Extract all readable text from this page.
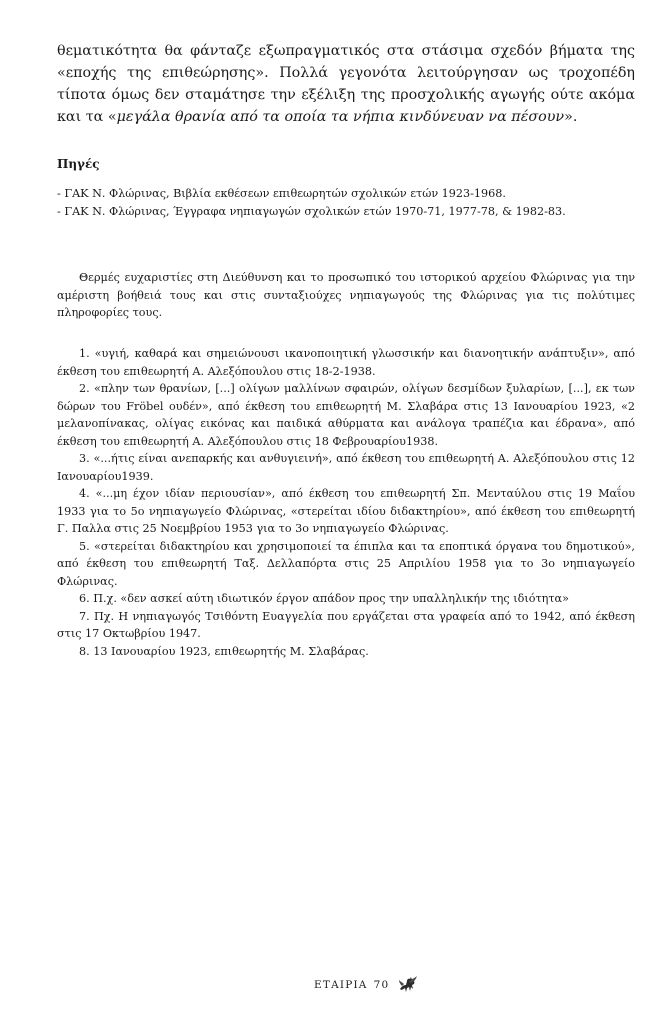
θεματικότητα θα φάνταζε εξωπραγματικός στα στάσιμα σχεδόν βήματα της «εποχής της επιθεώρησης». Πολλά γεγονότα λειτούργησαν ως τροχοπέδη τίποτα όμως δεν σταμάτησε την εξέλιξη της προσχολικής αγωγής ούτε ακόμα και τα «μεγάλα θρανία από τα οποία τα νήπια κινδύνευαν να πέσουν».

Πηγές
- ΓΑΚ Ν. Φλώρινας, Βιβλία εκθέσεων επιθεωρητών σχολικών ετών 1923-1968.
- ΓΑΚ Ν. Φλώρινας, Έγγραφα νηπιαγωγών σχολικών ετών 1970-71, 1977-78, & 1982-83.

Θερμές ευχαριστίες στη Διεύθυνση και το προσωπικό του ιστορικού αρχείου Φλώρινας για την αμέριστη βοήθειά τους και στις συνταξιούχες νηπιαγωγούς της Φλώρινας για τις πολύτιμες πληροφορίες τους.

1. «υγιή, καθαρά και σημειώνουσι ικανοποιητική γλωσσικήν και διανοητικήν ανάπτυξιν», από έκθεση του επιθεωρητή Α. Αλεξόπουλου στις 18-2-1938.

2. «πλην των θρανίων, [...] ολίγων μαλλίνων σφαιρών, ολίγων δεσμίδων ξυλαρίων, [...], εκ των δώρων του Fröbel ουδέν», από έκθεση του επιθεωρητή Μ. Σλαβάρα στις 13 Ιανουαρίου 1923, «2 μελανοπίνακας, ολίγας εικόνας και παιδικά αθύρματα και ανάλογα τραπέζια και έδρανα», από έκθεση του επιθεωρητή Α. Αλεξόπουλου στις 18 Φεβρουαρίου1938.

3. «...ήτις είναι ανεπαρκής και ανθυγιεινή», από έκθεση του επιθεωρητή Α. Αλεξόπουλου στις 12 Ιανουαρίου1939.

4. «...μη έχον ιδίαν περιουσίαν», από έκθεση του επιθεωρητή Σπ. Μενταύλου στις 19 Μαΐου 1933 για το 5ο νηπιαγωγείο Φλώρινας, «στερείται ιδίου διδακτηρίου», από έκθεση του επιθεωρητή Γ. Παλλα στις 25 Νοεμβρίου 1953 για το 3ο νηπιαγωγείο Φλώρινας.

5. «στερείται διδακτηρίου και χρησιμοποιεί τα έπιπλα και τα εποπτικά όργανα του δημοτικού», από έκθεση του επιθεωρητή Ταξ. Δελλαπόρτα στις 25 Απριλίου 1958 για το 3ο νηπιαγωγείο Φλώρινας.

6. Π.χ. «δεν ασκεί αύτη ιδιωτικόν έργον απάδον προς την υπαλληλικήν της ιδιότητα»

7. Πχ. Η νηπιαγωγός Τσιθόντη Ευαγγελία που εργάζεται στα γραφεία από το 1942, από έκθεση στις 17 Οκτωβρίου 1947.

8. 13 Ιανουαρίου 1923, επιθεωρητής Μ. Σλαβάρας.

ΕΤΑΙΡΙΑ 70
